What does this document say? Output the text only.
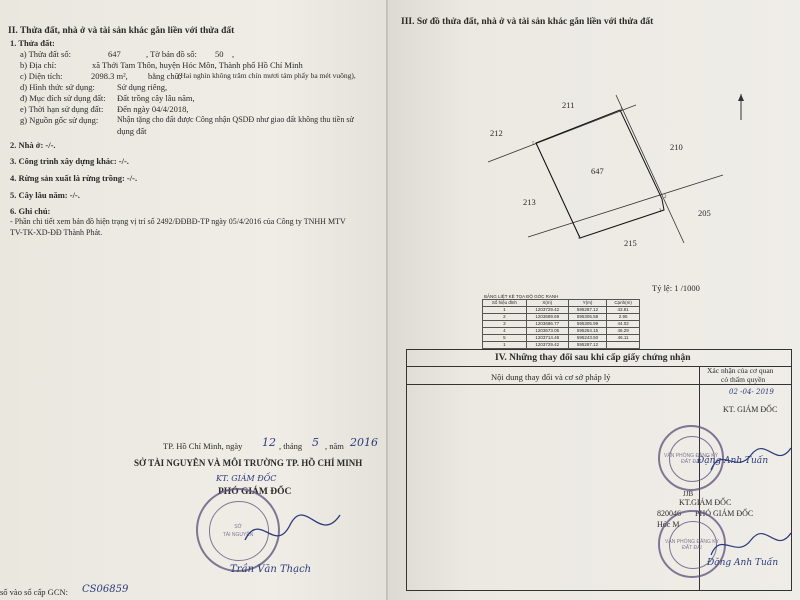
II. Thửa đất, nhà ở và tài sản khác gắn liền với thửa đất
1. Thửa đất:
a) Thửa đất số:	647	, Tờ bản đồ số: 50 ,
b) Địa chỉ:	xã Thới Tam Thôn, huyện Hóc Môn, Thành phố Hồ Chí Minh
c) Diện tích:	2098.3 m², bằng chữ:
(Hai nghìn không trăm chín mươi tám phẩy ba mét vuông),
d) Hình thức sử dụng:	Sử dụng riêng,
đ) Mục đích sử dụng đất: Đất trồng cây lâu năm,
e) Thời hạn sử dụng đất: Đến ngày 04/4/2018,
g) Nguồn gốc sử dụng: Nhận tặng cho đất được Công nhận QSDĐ như giao đất không thu tiền sử
dụng đất
2. Nhà ở: -/-.
3. Công trình xây dựng khác: -/-.
4. Rừng sản xuất là rừng trồng: -/-.
5. Cây lâu năm: -/-.
6. Ghi chú:
- Phần chi tiết xem bản đồ hiện trạng vị trí số 2492/ĐĐBĐ-TP ngày 05/4/2016 của Công ty TNHH MTV
TV-TK-XD-ĐĐ Thành Phát.
TP. Hồ Chí Minh, ngày 12 , tháng 5 , năm 2016
SỞ TÀI NGUYÊN VÀ MÔI TRƯỜNG TP. HỒ CHÍ MINH
KT. GIÁM ĐỐC
PHÓ GIÁM ĐỐC
SỞ
TÀI NGUYÊN
Trần Văn Thạch
số vào sổ cấp GCN: CS06859
III. Sơ đồ thửa đất, nhà ở và tài sản khác gắn liền với thửa đất
211
212
210
647
213
205
215
1
2
3
4
5
Tỷ lệ: 1 /1000
BẢNG LIỆT KÊ TỌA ĐỘ GÓC RANH
Số hiệu đỉnh	X(m)	Y(m)	Cạnh(m)
1	1203729.42	595287.12	43.81
2	1203689.69	595305.58	2.95
3	1203686.77	595305.99	44.02
4	1203673.05	595264.15	46.29
5	1203714.48	595243.50	46.11
1	1203729.42	595287.12	
IV. Những thay đổi sau khi cấp giấy chứng nhận
Nội dung thay đổi và cơ sở pháp lý
Xác nhận của cơ quan
có thẩm quyền
02 -04- 2019
KT. GIÁM ĐỐC
Đặng Anh Tuấn
JJB
KT.GIÁM ĐỐC
820046 PHÓ GIÁM ĐỐC
Hóc M
Đặng Anh Tuấn
VĂN PHÒNG ĐĂNG KÝ ĐẤT ĐAI
VĂN PHÒNG ĐĂNG KÝ ĐẤT ĐAI
